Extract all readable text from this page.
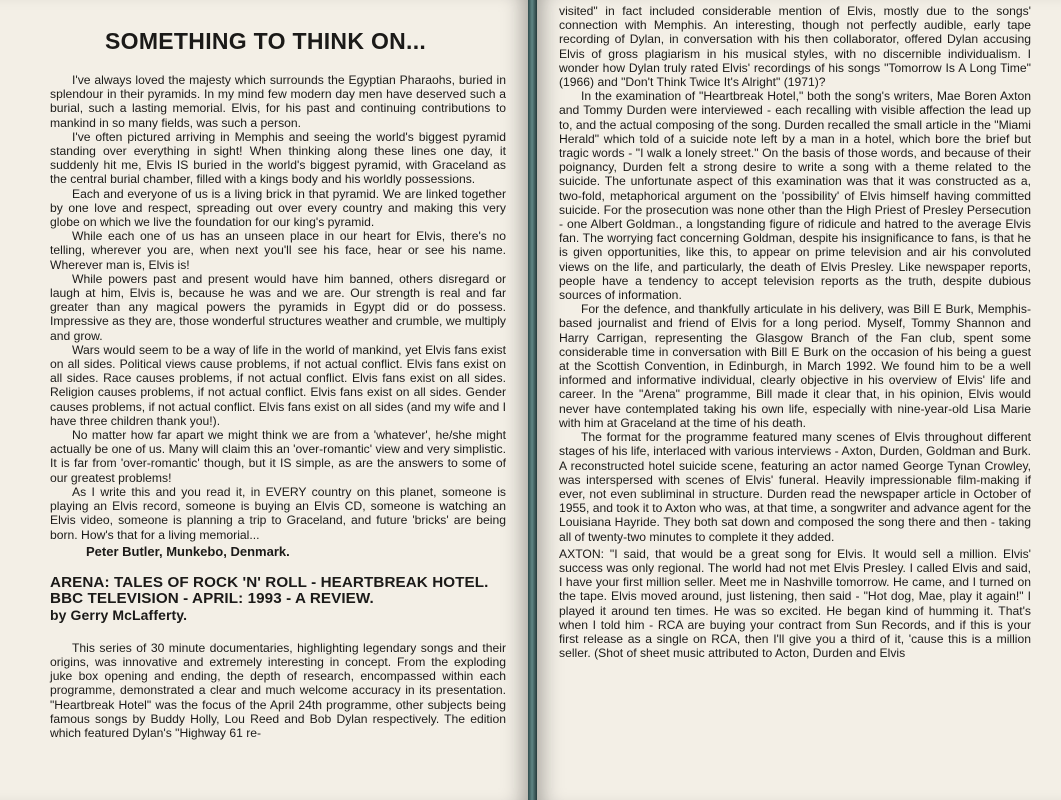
SOMETHING TO THINK ON...

I've always loved the majesty which surrounds the Egyptian Pharaohs, buried in splendour in their pyramids. In my mind few modern day men have deserved such a burial, such a lasting memorial. Elvis, for his past and continuing contributions to mankind in so many fields, was such a person.

I've often pictured arriving in Memphis and seeing the world's biggest pyramid standing over everything in sight! When thinking along these lines one day, it suddenly hit me, Elvis IS buried in the world's biggest pyramid, with Graceland as the central burial chamber, filled with a kings body and his worldly possessions.

Each and everyone of us is a living brick in that pyramid. We are linked together by one love and respect, spreading out over every country and making this very globe on which we live the foundation for our king's pyramid.

While each one of us has an unseen place in our heart for Elvis, there's no telling, wherever you are, when next you'll see his face, hear or see his name. Wherever man is, Elvis is!

While powers past and present would have him banned, others disregard or laugh at him, Elvis is, because he was and we are. Our strength is real and far greater than any magical powers the pyramids in Egypt did or do possess. Impressive as they are, those wonderful structures weather and crumble, we multiply and grow.

Wars would seem to be a way of life in the world of mankind, yet Elvis fans exist on all sides. Political views cause problems, if not actual conflict. Elvis fans exist on all sides. Race causes problems, if not actual conflict. Elvis fans exist on all sides. Religion causes problems, if not actual conflict. Elvis fans exist on all sides. Gender causes problems, if not actual conflict. Elvis fans exist on all sides (and my wife and I have three children thank you!).

No matter how far apart we might think we are from a 'whatever', he/she might actually be one of us. Many will claim this an 'over-romantic' view and very simplistic. It is far from 'over-romantic' though, but it IS simple, as are the answers to some of our greatest problems!

As I write this and you read it, in EVERY country on this planet, someone is playing an Elvis record, someone is buying an Elvis CD, someone is watching an Elvis video, someone is planning a trip to Graceland, and future 'bricks' are being born. How's that for a living memorial...

Peter Butler, Munkebo, Denmark.
ARENA: TALES OF ROCK 'N' ROLL - HEARTBREAK HOTEL.
BBC TELEVISION - APRIL: 1993 - A REVIEW.
by Gerry McLafferty.

This series of 30 minute documentaries, highlighting legendary songs and their origins, was innovative and extremely interesting in concept. From the exploding juke box opening and ending, the depth of research, encompassed within each programme, demonstrated a clear and much welcome accuracy in its presentation. "Heartbreak Hotel" was the focus of the April 24th programme, other subjects being famous songs by Buddy Holly, Lou Reed and Bob Dylan respectively. The edition which featured Dylan's "Highway 61 re-

visited" in fact included considerable mention of Elvis, mostly due to the songs' connection with Memphis. An interesting, though not perfectly audible, early tape recording of Dylan, in conversation with his then collaborator, offered Dylan accusing Elvis of gross plagiarism in his musical styles, with no discernible individualism. I wonder how Dylan truly rated Elvis' recordings of his songs "Tomorrow Is A Long Time" (1966) and "Don't Think Twice It's Alright" (1971)?

In the examination of "Heartbreak Hotel," both the song's writers, Mae Boren Axton and Tommy Durden were interviewed - each recalling with visible affection the lead up to, and the actual composing of the song. Durden recalled the small article in the "Miami Herald" which told of a suicide note left by a man in a hotel, which bore the brief but tragic words - "I walk a lonely street." On the basis of those words, and because of their poignancy, Durden felt a strong desire to write a song with a theme related to the suicide. The unfortunate aspect of this examination was that it was constructed as a, two-fold, metaphorical argument on the 'possibility' of Elvis himself having committed suicide. For the prosecution was none other than the High Priest of Presley Persecution - one Albert Goldman., a longstanding figure of ridicule and hatred to the average Elvis fan. The worrying fact concerning Goldman, despite his insignificance to fans, is that he is given opportunities, like this, to appear on prime television and air his convoluted views on the life, and particularly, the death of Elvis Presley. Like newspaper reports, people have a tendency to accept television reports as the truth, despite dubious sources of information.

For the defence, and thankfully articulate in his delivery, was Bill E Burk, Memphis-based journalist and friend of Elvis for a long period. Myself, Tommy Shannon and Harry Carrigan, representing the Glasgow Branch of the Fan club, spent some considerable time in conversation with Bill E Burk on the occasion of his being a guest at the Scottish Convention, in Edinburgh, in March 1992. We found him to be a well informed and informative individual, clearly objective in his overview of Elvis' life and career. In the "Arena" programme, Bill made it clear that, in his opinion, Elvis would never have contemplated taking his own life, especially with nine-year-old Lisa Marie with him at Graceland at the time of his death.

The format for the programme featured many scenes of Elvis throughout different stages of his life, interlaced with various interviews - Axton, Durden, Goldman and Burk. A reconstructed hotel suicide scene, featuring an actor named George Tynan Crowley, was interspersed with scenes of Elvis' funeral. Heavily impressionable film-making if ever, not even subliminal in structure. Durden read the newspaper article in October of 1955, and took it to Axton who was, at that time, a songwriter and advance agent for the Louisiana Hayride. They both sat down and composed the song there and then - taking all of twenty-two minutes to complete it they added.

AXTON: "I said, that would be a great song for Elvis. It would sell a million. Elvis' success was only regional. The world had not met Elvis Presley. I called Elvis and said, I have your first million seller. Meet me in Nashville tomorrow. He came, and I turned on the tape. Elvis moved around, just listening, then said - "Hot dog, Mae, play it again!" I played it around ten times. He was so excited. He began kind of humming it. That's when I told him - RCA are buying your contract from Sun Records, and if this is your first release as a single on RCA, then I'll give you a third of it, 'cause this is a million seller. (Shot of sheet music attributed to Acton, Durden and Elvis
